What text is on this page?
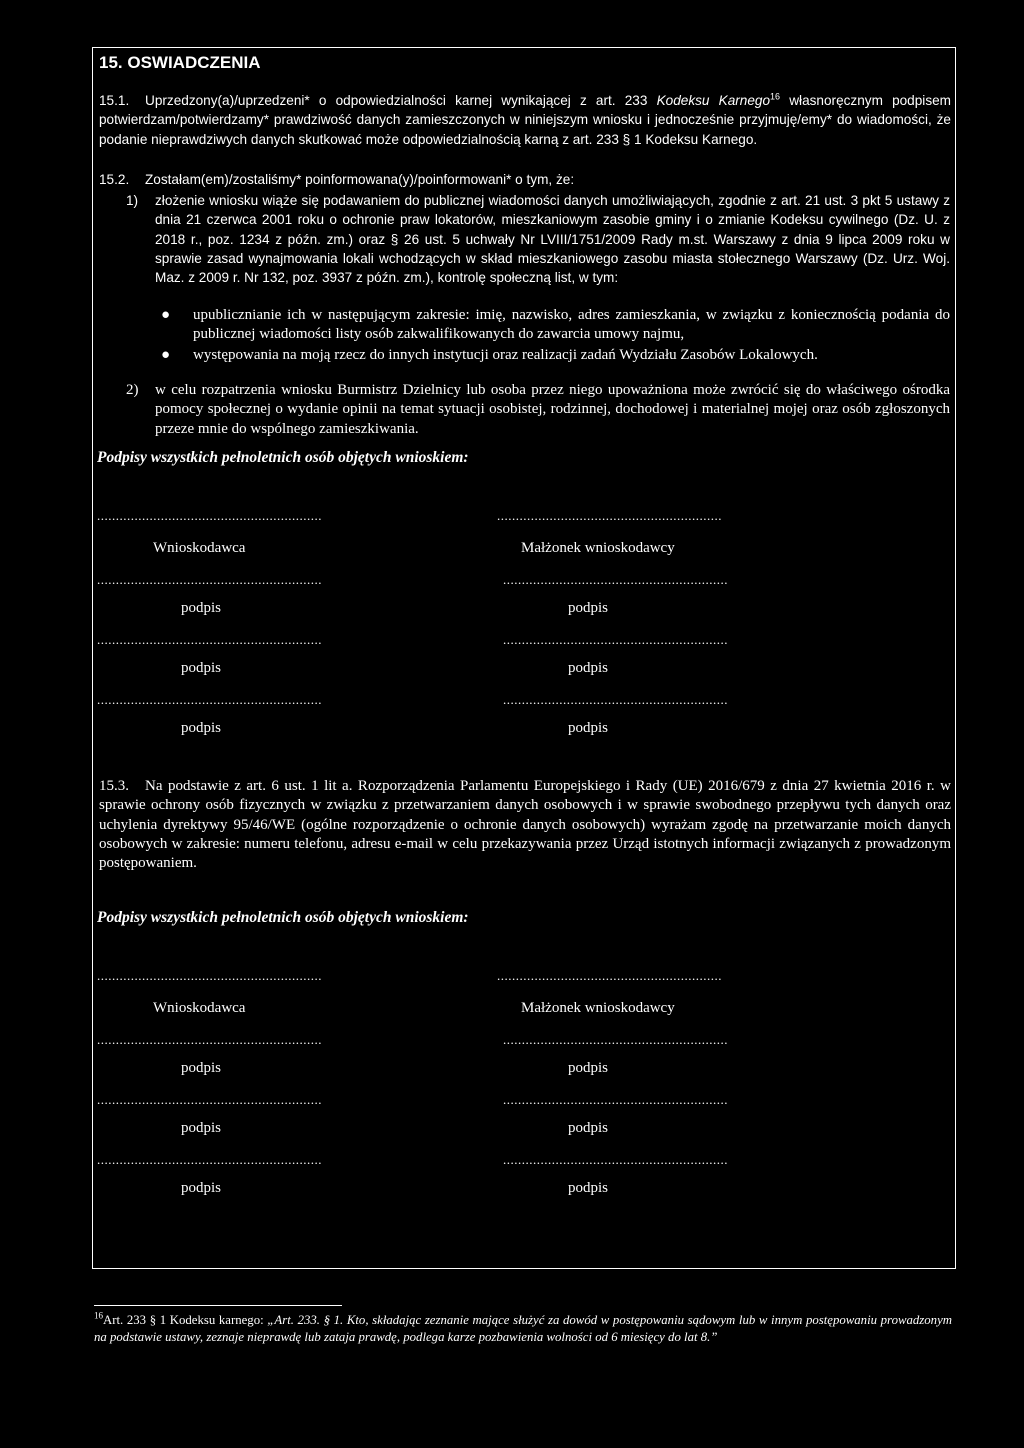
15. OSWIADCZENIA

15.1. Uprzedzony(a)/uprzedzeni* o odpowiedzialności karnej wynikającej z art. 233 Kodeksu Karnego$^{16}$ własnoręcznym podpisem potwierdzam/potwierdzamy* prawdziwość danych zamieszczonych w niniejszym wniosku i jednocześnie przyjmuję/emy* do wiadomości, że podanie nieprawdziwych danych skutkować może odpowiedzialnością karną z art. 233 § 1 Kodeksu Karnego.

15.2. Zostałam(em)/zostaliśmy* poinformowana(y)/poinformowani* o tym, że:

1) złożenie wniosku wiąże się podawaniem do publicznej wiadomości danych umożliwiających, zgodnie z art. 21 ust. 3 pkt 5 ustawy z dnia 21 czerwca 2001 roku o ochronie praw lokatorów, mieszkaniowym zasobie gminy i o zmianie Kodeksu cywilnego (Dz. U. z 2018 r., poz. 1234 z późn. zm.) oraz § 26 ust. 5 uchwały Nr LVIII/1751/2009 Rady m.st. Warszawy z dnia 9 lipca 2009 roku w sprawie zasad wynajmowania lokali wchodzących w skład mieszkaniowego zasobu miasta stołecznego Warszawy (Dz. Urz. Woj. Maz. z 2009 r. Nr 132, poz. 3937 z późn. zm.), kontrolę społeczną list, w tym:

● upublicznianie ich w następującym zakresie: imię, nazwisko, adres zamieszkania, w związku z koniecznością podania do publicznej wiadomości listy osób zakwalifikowanych do zawarcia umowy najmu,

● występowania na moją rzecz do innych instytucji oraz realizacji zadań Wydziału Zasobów Lokalowych.

2) w celu rozpatrzenia wniosku Burmistrz Dzielnicy lub osoba przez niego upoważniona może zwrócić się do właściwego ośrodka pomocy społecznej o wydanie opinii na temat sytuacji osobistej, rodzinnej, dochodowej i materialnej mojej oraz osób zgłoszonych przeze mnie do wspólnego zamieszkiwania.

Podpisy wszystkich pełnoletnich osób objętych wnioskiem:
............................................................	............................................................
Wnioskodawca	Małżonek wnioskodawcy
............................................................	............................................................
podpis	podpis
............................................................	............................................................
podpis	podpis
............................................................	............................................................
podpis	podpis

15.3. Na podstawie z art. 6 ust. 1 lit a. Rozporządzenia Parlamentu Europejskiego i Rady (UE) 2016/679 z dnia 27 kwietnia 2016 r. w sprawie ochrony osób fizycznych w związku z przetwarzaniem danych osobowych i w sprawie swobodnego przepływu tych danych oraz uchylenia dyrektywy 95/46/WE (ogólne rozporządzenie o ochronie danych osobowych) wyrażam zgodę na przetwarzanie moich danych osobowych w zakresie: numeru telefonu, adresu e-mail w celu przekazywania przez Urząd istotnych informacji związanych z prowadzonym postępowaniem.

Podpisy wszystkich pełnoletnich osób objętych wnioskiem:
............................................................	............................................................
Wnioskodawca	Małżonek wnioskodawcy
............................................................	............................................................
podpis	podpis
............................................................	............................................................
podpis	podpis
............................................................	............................................................
podpis	podpis

$^{16}$Art. 233 § 1 Kodeksu karnego: „Art. 233. § 1. Kto, składając zeznanie mające służyć za dowód w postępowaniu sądowym lub w innym postępowaniu prowadzonym na podstawie ustawy, zeznaje nieprawdę lub zataja prawdę, podlega karze pozbawienia wolności od 6 miesięcy do lat 8.”
